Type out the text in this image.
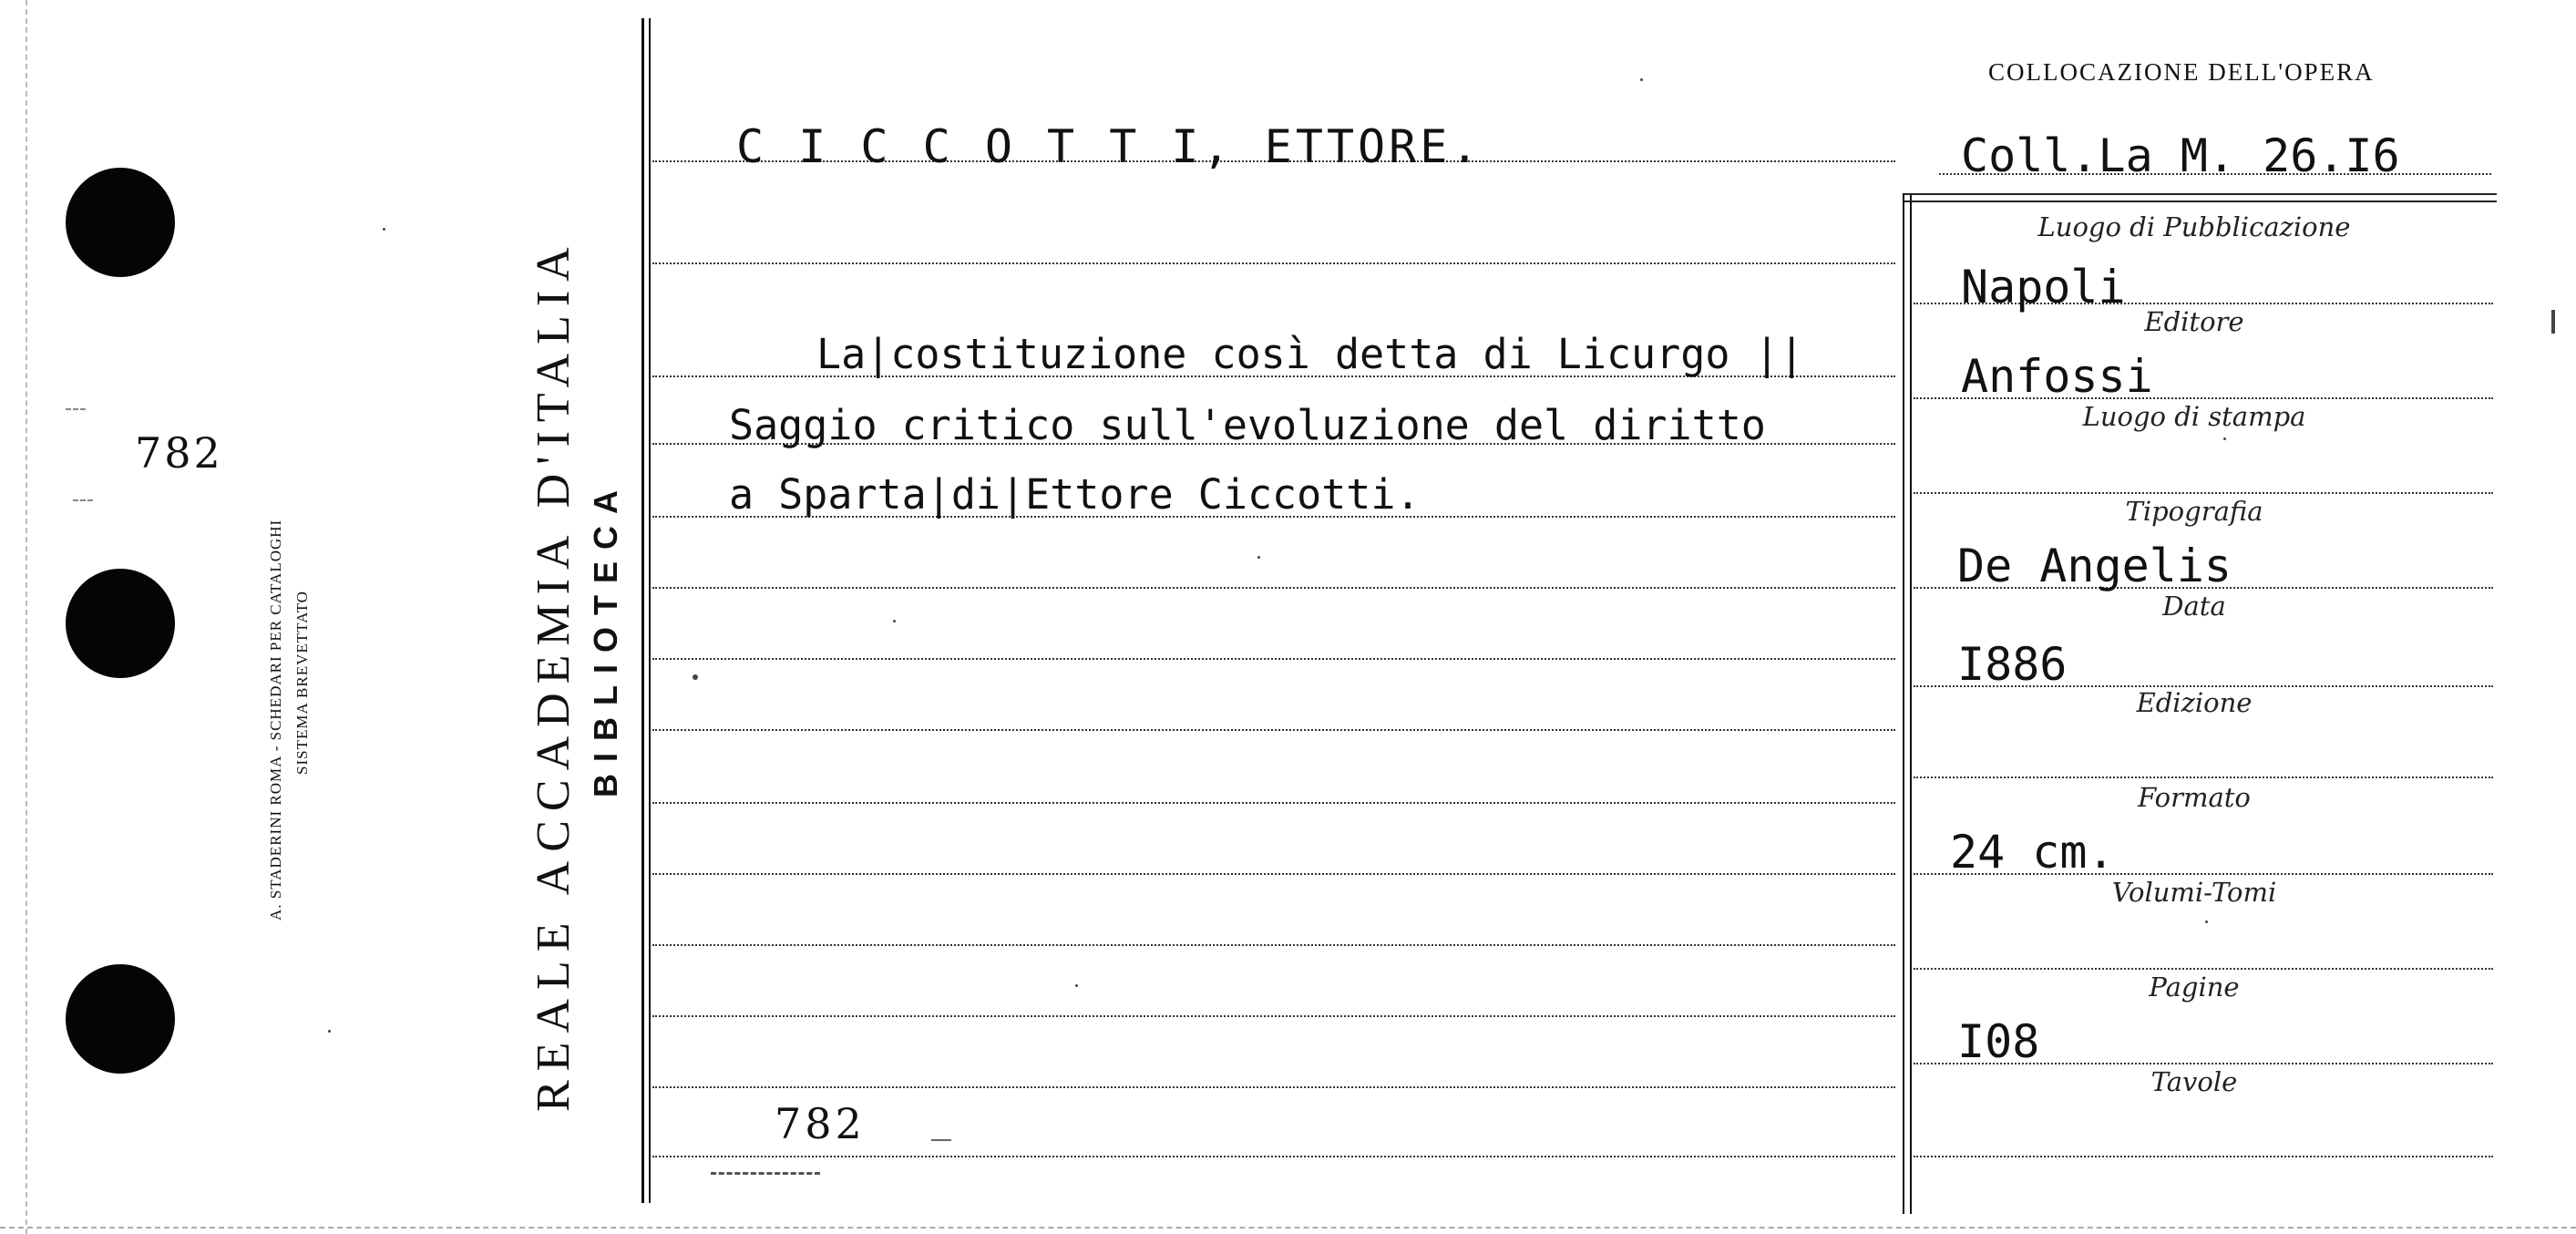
782
A. STADERINI ROMA - SCHEDARI PER CATALOGHI SISTEMA BREVETTATO	REALE ACCADEMIA D'ITALIA BIBLIOTECA
COLLOCAZIONE DELL'OPERA
C I C C O T T I, ETTORE.	Coll.La M. 26.I6
La|costituzione così detta di Licurgo ||
Saggio critico sull'evoluzione del diritto
a Sparta|di|Ettore Ciccotti.
782
Luogo di Pubblicazione
Editore
Luogo di stampa
Tipografia
Data
Edizione
Formato
Volumi-Tomi
Pagine
Tavole
Napoli
Anfossi
De Angelis
I886
24 cm.
I08
